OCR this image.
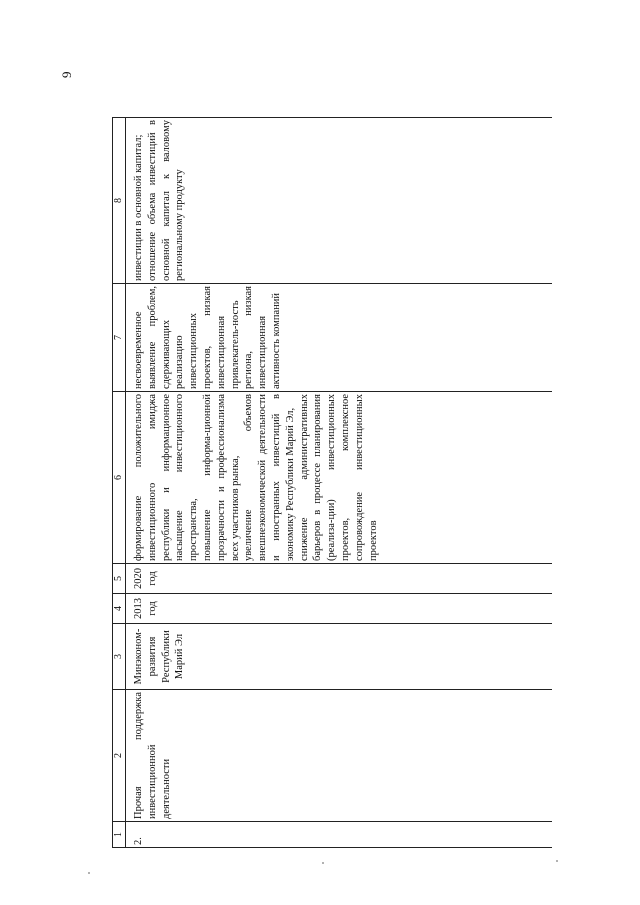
9
1	2	3	4	5	6	7	8
2.	Прочая поддержка инвестиционной деятельности	Минэконом-развития Республики Марий Эл	2013 год	2020 год	формирование положительного инвестиционного имиджа республики и информационное насыщение инвестиционного пространства, повышение информа-ционной прозрачности и профессионализма всех участников рынка, увеличение объемов внешнеэкономической деятельности и иностранных инвестиций в экономику Республики Марий Эл, снижение административных барьеров в процессе планирования (реализа-ции) инвестиционных проектов, комплексное сопровождение инвестиционных проектов	несвоевременное выявление проблем, сдерживающих реализацию инвестиционных проектов, низкая инвестиционная привлекатель-ность региона, низкая инвестиционная активность компаний	инвестиции в основной капитал; отношение объема инвестиций в основной капитал к валовому региональному продукту
